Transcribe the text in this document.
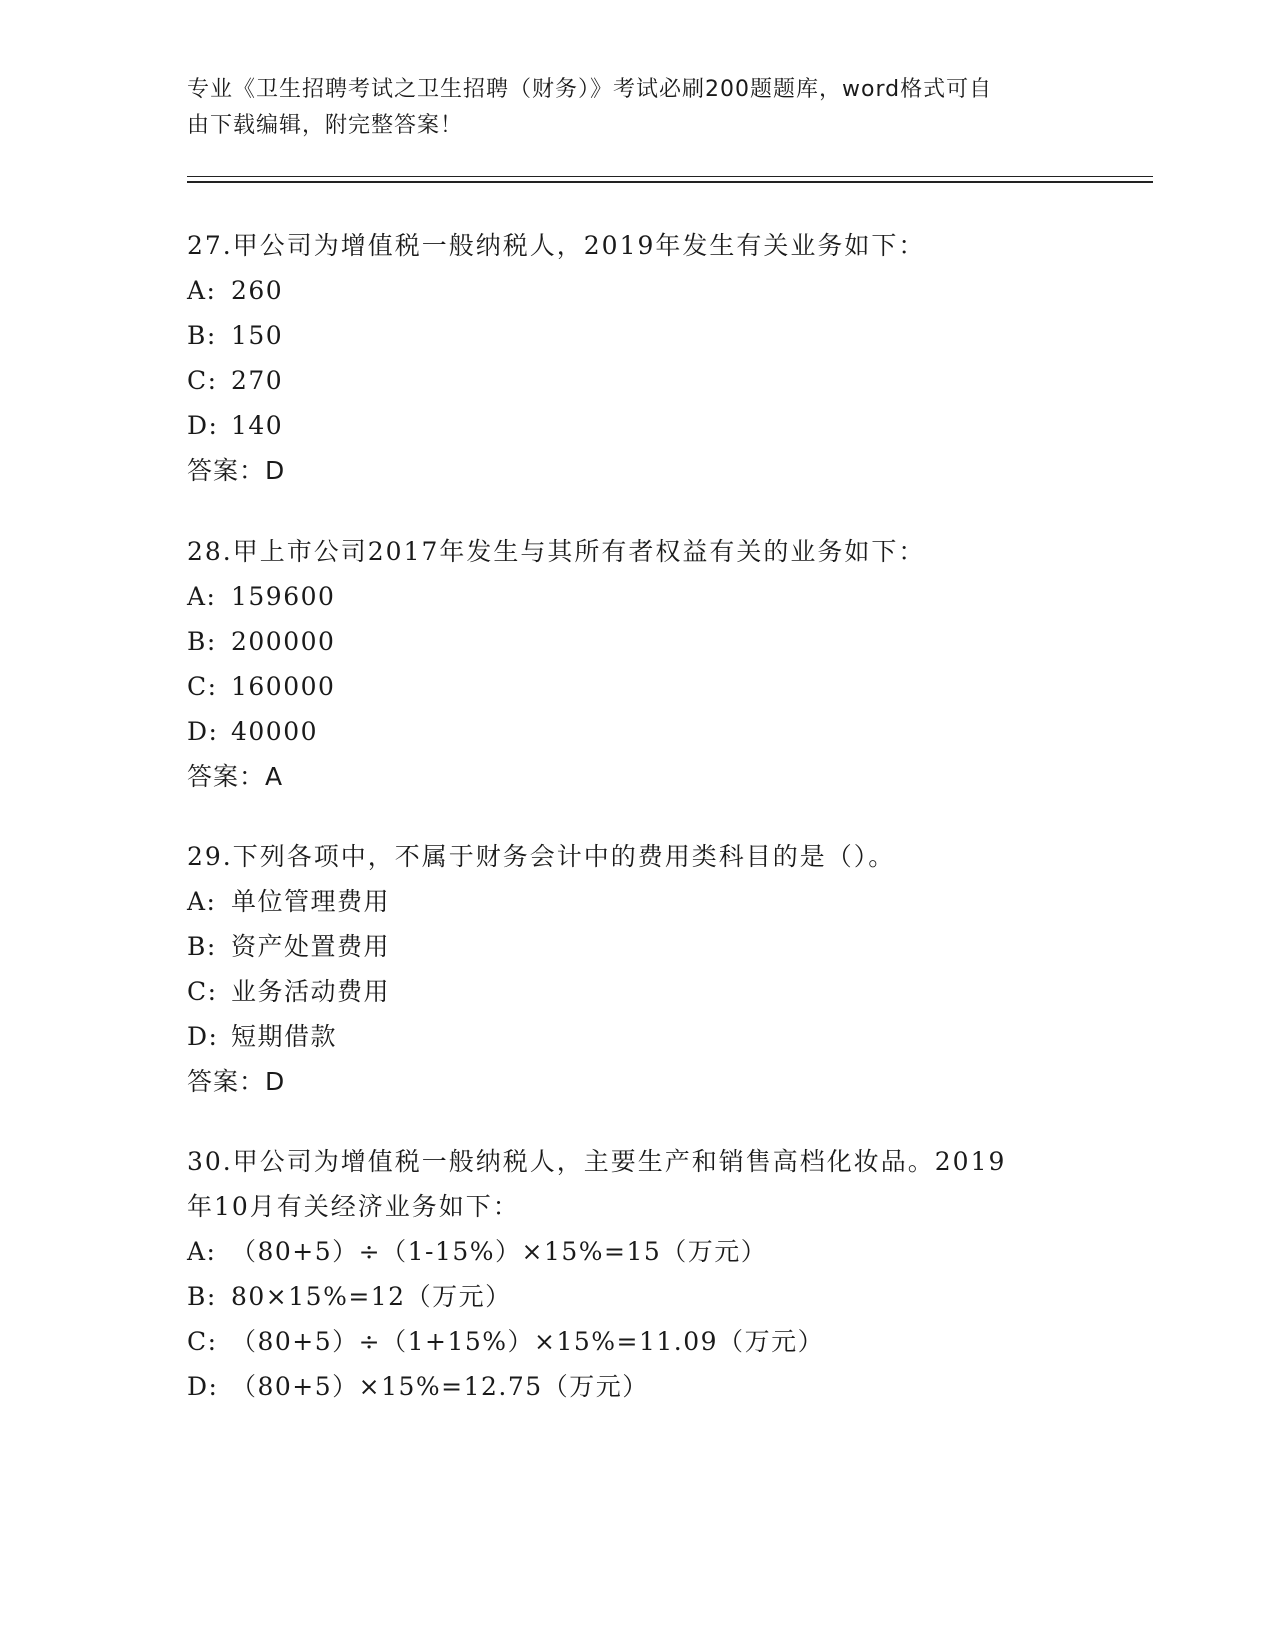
专业《卫生招聘考试之卫生招聘（财务）》考试必刷200题题库，word格式可自
由下载编辑，附完整答案！
27.甲公司为增值税一般纳税人，2019年发生有关业务如下：
A: 260
B: 150
C: 270
D: 140
答案：D
28.甲上市公司2017年发生与其所有者权益有关的业务如下：
A: 159600
B: 200000
C: 160000
D: 40000
答案：A
29.下列各项中，不属于财务会计中的费用类科目的是（）。
A: 单位管理费用
B: 资产处置费用
C: 业务活动费用
D: 短期借款
答案：D
30.甲公司为增值税一般纳税人，主要生产和销售高档化妆品。2019
年10月有关经济业务如下：
A: （80+5）÷（1-15%）×15%=15（万元）
B: 80×15%=12（万元）
C: （80+5）÷（1+15%）×15%=11.09（万元）
D: （80+5）×15%=12.75（万元）
